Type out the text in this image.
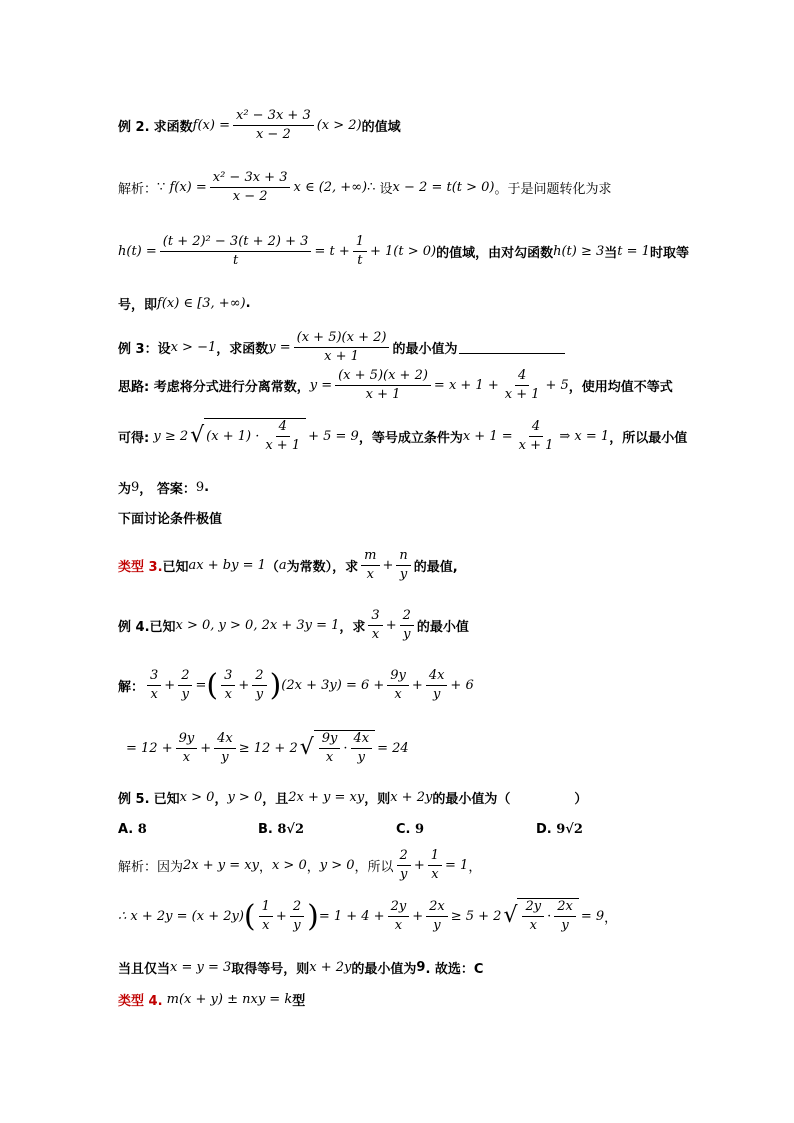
例 2.
求函数 $f(x) = \frac{\text{x² − 3x + 3}}{x - 2} (x > 2)$ 的值域
解析： ∵
$f(x) = \frac{\text{x² − 3x + 3}}{x - 2}$ x ∈ (2, +∞) ∴
设 x − 2 = t(t > 0) 。于是问题转化为求
$h(t) = \frac{\text{(t + 2)² − 3(t + 2) + 3}}{t} = t + \frac{1}{t} + 1(t > 0)$ 的值域，由对勾函数 h(t) ≥ 3 当 t = 1 时取等
号，即 f(x) ∈ [3, +∞) .
例 3： 设 x > −1 ，求函数 $y = \frac{(x + 5)(x + 2)}{x + 1}$ 的最小值为
思路: 考虑将分式进行分离常数， $y = \frac{(x + 5)(x + 2)}{x + 1} = x + 1 + \frac{4}{x + 1} + 5$ ，使用均值不等式
可得:
y ≥ 2 √ $(x + 1) \cdot \frac{4}{x + 1} + 5 = 9$ ，等号成立条件为 $x + 1 = \frac{4}{x + 1}$ ⇒ x = 1 ，所以最小值
为 9 ， 答案： 9 .
下面讨论条件极值
类型 3. 已知 ax + by = 1 （ a 为常数），求 $\frac{m}{x} + \frac{n}{y}$ 的最值,
例 4. 已知 x > 0, y > 0, 2x + 3y = 1 ，求 $\frac{3}{x} + \frac{2}{y}$ 的最小值
解： $\frac{3}{x} + \frac{2}{y}$ = ( $\frac{3}{x} + \frac{2}{y}$ ) $(2x + 3y) = 6 + \frac{9y}{x} + \frac{4x}{y} + 6$
= $12 + \frac{9y}{x} + \frac{4x}{y} \ge 12 + 2$ √ $\frac{9y}{x} \cdot \frac{4x}{y} = 24$
例 5.
已知 x > 0 ， y > 0 ，且 2x + y = xy ，则 x + 2y 的最小值为（	）
A.
8	B.
8√2	C.
9	D.
9√2
解析：因为 2x + y = xy ， x > 0 ， y > 0 ，所以 $\frac{2}{y} + \frac{1}{x} = 1$ ，
∴ x + 2y = (x + 2y) ( $\frac{1}{x} + \frac{2}{y}$ ) = $1 + 4 + \frac{2y}{x} + \frac{2x}{y} \ge 5 + 2$ √ $\frac{2y}{x} \cdot \frac{2x}{y} = 9$ ，
当且仅当 x = y = 3 取得等号，则 x + 2y 的最小值为 9 . 故选：C
类型 4.
m(x + y) ± nxy = k 型
